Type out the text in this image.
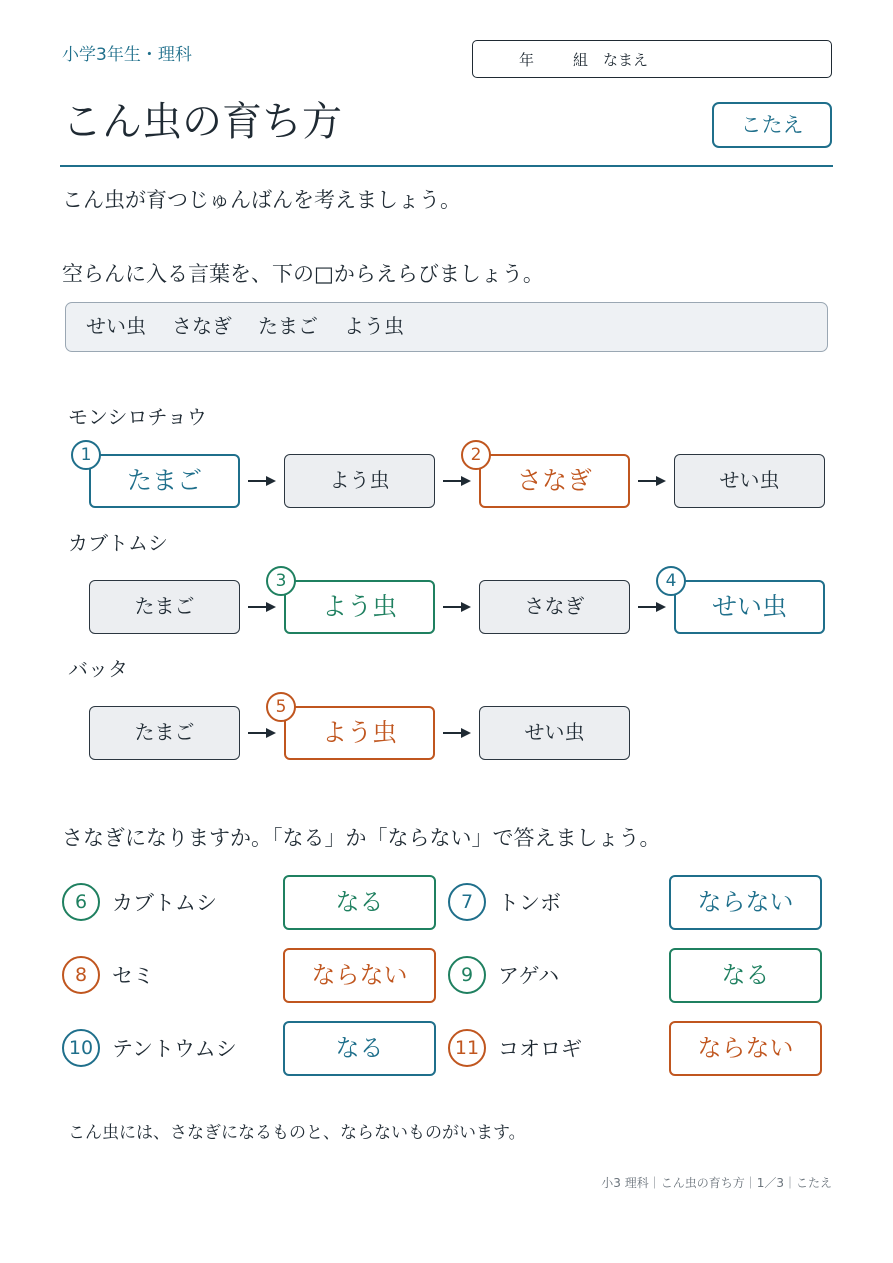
小学3年生・理科	年	組 なまえ
こん虫の育ち方	こたえ
こん虫が育つじゅんばんを考えましょう。
空らんに入る言葉を、下の□からえらびましょう。
せい虫 さなぎ たまご よう虫
モンシロチョウ
たまご
1
よう虫	さなぎ
2
せい虫
カブトムシ
たまご	よう虫
3
さなぎ	せい虫
4
バッタ
たまご	よう虫
5
せい虫
さなぎになりますか。「なる」か「ならない」で答えましょう。
6	カブトムシ	なる	7	トンボ	ならない
8	セミ	ならない	9	アゲハ	なる
10 テントウムシ	なる	11 コオロギ	ならない
こん虫には、さなぎになるものと、ならないものがいます。
小3 理科｜こん虫の育ち方｜1／3｜こたえ
